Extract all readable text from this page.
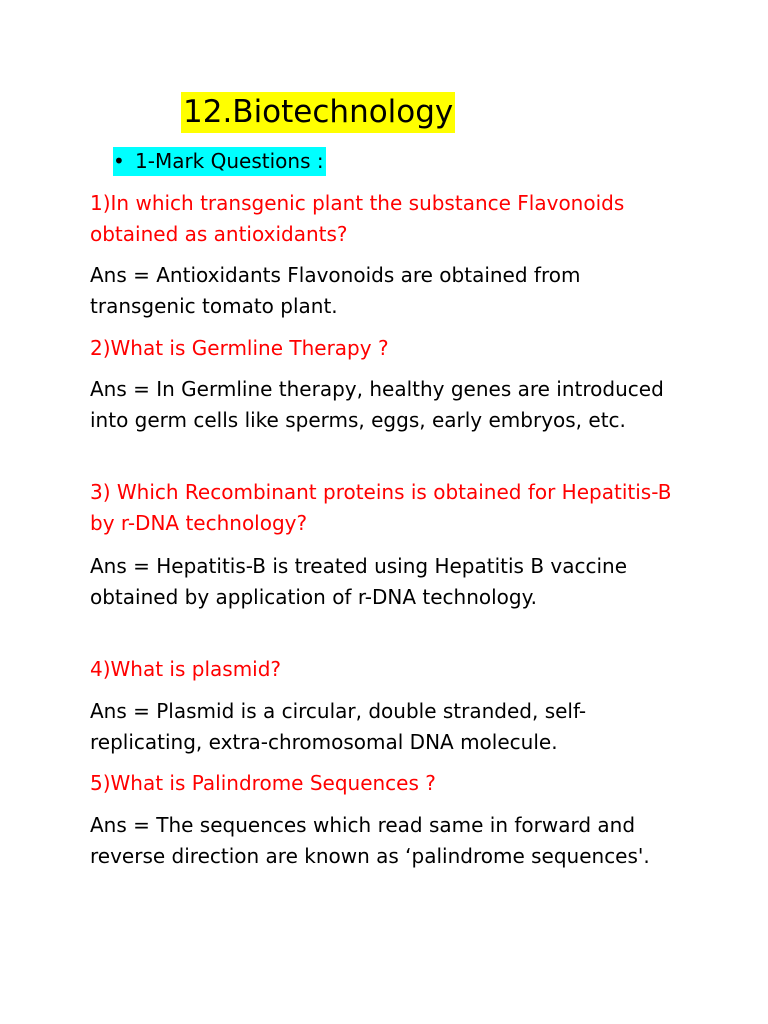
12.Biotechnology
• 1-Mark Questions :

1)In which transgenic plant the substance Flavonoids obtained as antioxidants?

Ans = Antioxidants Flavonoids are obtained from transgenic tomato plant.

2)What is Germline Therapy ?

Ans = In Germline therapy, healthy genes are introduced into germ cells like sperms, eggs, early embryos, etc.

3) Which Recombinant proteins is obtained for Hepatitis-B by r-DNA technology?

Ans = Hepatitis-B is treated using Hepatitis B vaccine obtained by application of r-DNA technology.

4)What is plasmid?

Ans = Plasmid is a circular, double stranded, self-replicating, extra-chromosomal DNA molecule.

5)What is Palindrome Sequences ?

Ans = The sequences which read same in forward and reverse direction are known as ‘palindrome sequences'.
